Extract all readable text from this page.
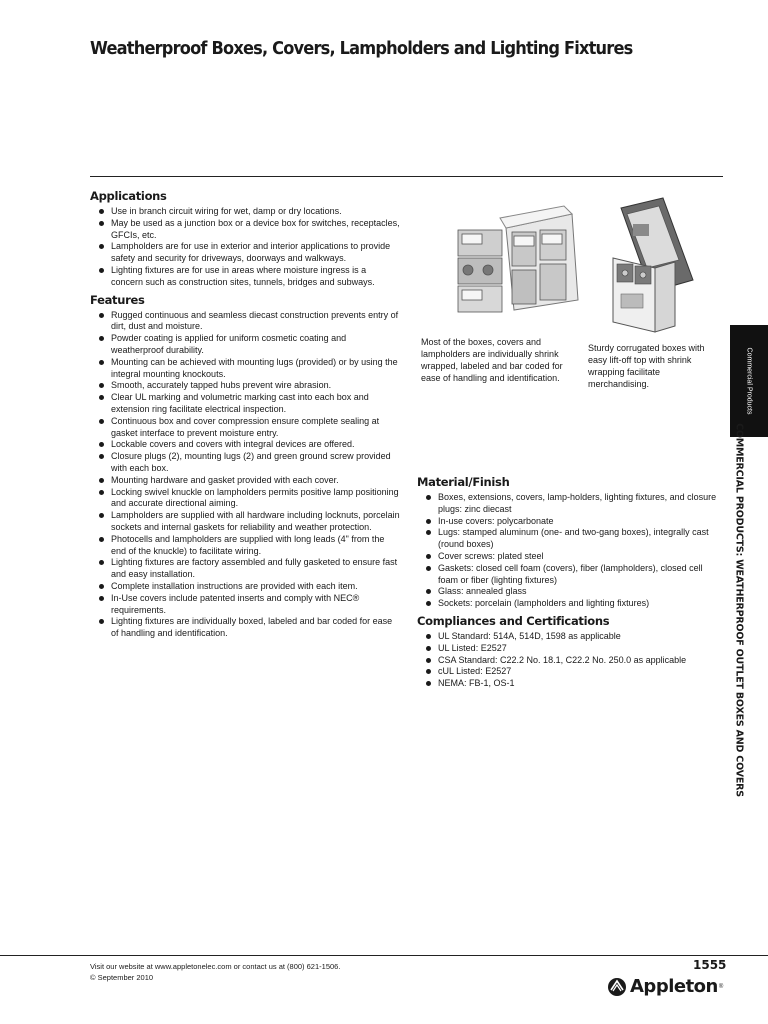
Weatherproof Boxes, Covers, Lampholders and Lighting Fixtures
Applications
Use in branch circuit wiring for wet, damp or dry locations.
May be used as a junction box or a device box for switches, receptacles, GFCIs, etc.
Lampholders are for use in exterior and interior applications to provide safety and security for driveways, doorways and walkways.
Lighting fixtures are for use in areas where moisture ingress is a concern such as construction sites, tunnels, bridges and subways.
Features
Rugged continuous and seamless diecast construction prevents entry of dirt, dust and moisture.
Powder coating is applied for uniform cosmetic coating and weatherproof durability.
Mounting can be achieved with mounting lugs (provided) or by using the integral mounting knockouts.
Smooth, accurately tapped hubs prevent wire abrasion.
Clear UL marking and volumetric marking cast into each box and extension ring facilitate electrical inspection.
Continuous box and cover compression ensure complete sealing at gasket interface to prevent moisture entry.
Lockable covers and covers with integral devices are offered.
Closure plugs (2), mounting lugs (2) and green ground screw provided with each box.
Mounting hardware and gasket provided with each cover.
Locking swivel knuckle on lampholders permits positive lamp positioning and accurate directional aiming.
Lampholders are supplied with all hardware including locknuts, porcelain sockets and internal gaskets for reliability and weather protection.
Photocells and lampholders are supplied with long leads (4" from the end of the knuckle) to facilitate wiring.
Lighting fixtures are factory assembled and fully gasketed to ensure fast and easy installation.
Complete installation instructions are provided with each item.
In-Use covers include patented inserts and comply with NEC® requirements.
Lighting fixtures are individually boxed, labeled and bar coded for ease of handling and identification.
Most of the boxes, covers and lampholders are individually shrink wrapped, labeled and bar coded for ease of handling and identification.
Sturdy corrugated boxes with easy lift-off top with shrink wrapping facilitate merchandising.
Material/Finish
Boxes, extensions, covers, lamp-holders, lighting fixtures, and closure plugs: zinc diecast
In-use covers: polycarbonate
Lugs: stamped aluminum (one- and two-gang boxes), integrally cast (round boxes)
Cover screws: plated steel
Gaskets: closed cell foam (covers), fiber (lampholders), closed cell foam or fiber (lighting fixtures)
Glass: annealed glass
Sockets: porcelain (lampholders and lighting fixtures)
Compliances and Certifications
UL Standard: 514A, 514D, 1598 as applicable
UL Listed: E2527
CSA Standard: C22.2 No. 18.1, C22.2 No. 250.0 as applicable
cUL Listed: E2527
NEMA: FB-1, OS-1
Commercial Products
COMMERCIAL PRODUCTS: WEATHERPROOF OUTLET BOXES AND COVERS
Visit our website at www.appletonelec.com or contact us at (800) 621-1506.
© September 2010
1555
Appleton ®
